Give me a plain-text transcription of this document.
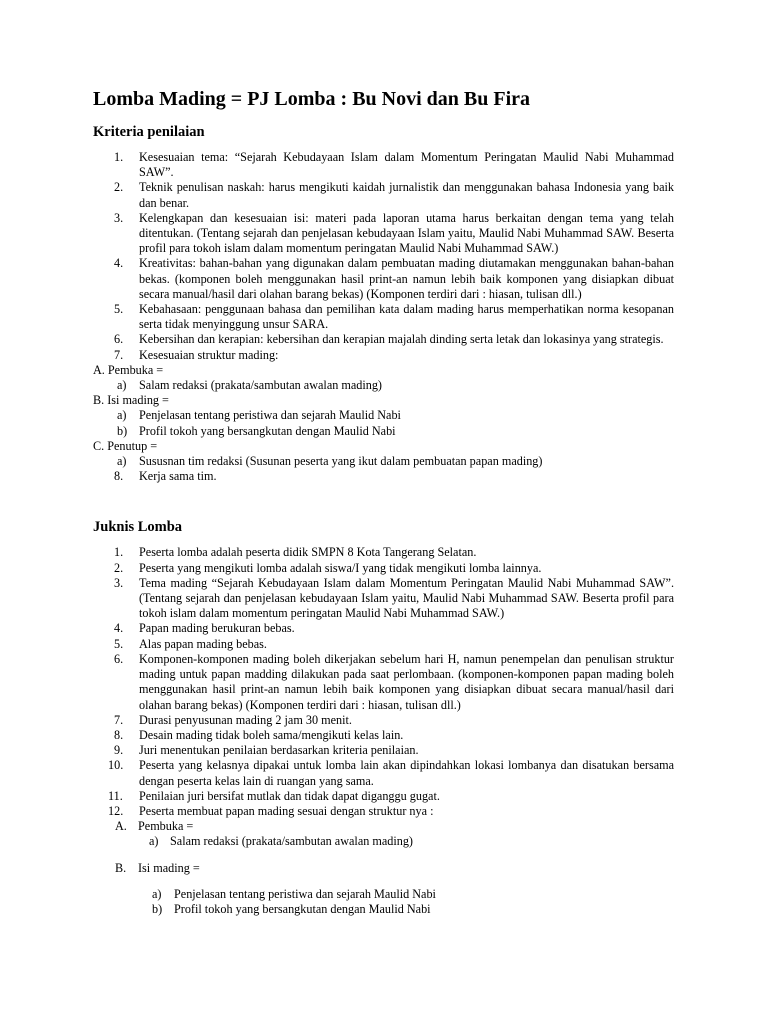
Lomba Mading = PJ Lomba : Bu Novi dan Bu Fira
Kriteria penilaian
1. Kesesuaian tema: “Sejarah Kebudayaan Islam dalam Momentum Peringatan Maulid Nabi Muhammad SAW”.
2. Teknik penulisan naskah: harus mengikuti kaidah jurnalistik dan menggunakan bahasa Indonesia yang baik dan benar.
3. Kelengkapan dan kesesuaian isi: materi pada laporan utama harus berkaitan dengan tema yang telah ditentukan. (Tentang sejarah dan penjelasan kebudayaan Islam yaitu, Maulid Nabi Muhammad SAW. Beserta profil para tokoh islam dalam momentum peringatan Maulid Nabi Muhammad SAW.)
4. Kreativitas: bahan-bahan yang digunakan dalam pembuatan mading diutamakan menggunakan bahan-bahan bekas. (komponen boleh menggunakan hasil print-an namun lebih baik komponen yang disiapkan dibuat secara manual/hasil dari olahan barang bekas) (Komponen terdiri dari : hiasan, tulisan dll.)
5. Kebahasaan: penggunaan bahasa dan pemilihan kata dalam mading harus memperhatikan norma kesopanan serta tidak menyinggung unsur SARA.
6. Kebersihan dan kerapian: kebersihan dan kerapian majalah dinding serta letak dan lokasinya yang strategis.
7. Kesesuaian struktur mading:
A. Pembuka =
a) Salam redaksi (prakata/sambutan awalan mading)
B. Isi mading =
a) Penjelasan tentang peristiwa dan sejarah Maulid Nabi
b) Profil tokoh yang bersangkutan dengan Maulid Nabi
C. Penutup =
a) Sususnan tim redaksi (Susunan peserta yang ikut dalam pembuatan papan mading)
8. Kerja sama tim.
Juknis Lomba
1. Peserta lomba adalah peserta didik SMPN 8 Kota Tangerang Selatan.
2. Peserta yang mengikuti lomba adalah siswa/I yang tidak mengikuti lomba lainnya.
3. Tema mading “Sejarah Kebudayaan Islam dalam Momentum Peringatan Maulid Nabi Muhammad SAW”. (Tentang sejarah dan penjelasan kebudayaan Islam yaitu, Maulid Nabi Muhammad SAW. Beserta profil para tokoh islam dalam momentum peringatan Maulid Nabi Muhammad SAW.)
4. Papan mading berukuran bebas.
5. Alas papan mading bebas.
6. Komponen-komponen mading boleh dikerjakan sebelum hari H, namun penempelan dan penulisan struktur mading untuk papan madding dilakukan pada saat perlombaan. (komponen-komponen papan mading boleh menggunakan hasil print-an namun lebih baik komponen yang disiapkan dibuat secara manual/hasil dari olahan barang bekas) (Komponen terdiri dari : hiasan, tulisan dll.)
7. Durasi penyusunan mading 2 jam 30 menit.
8. Desain mading tidak boleh sama/mengikuti kelas lain.
9. Juri menentukan penilaian berdasarkan kriteria penilaian.
10. Peserta yang kelasnya dipakai untuk lomba lain akan dipindahkan lokasi lombanya dan disatukan bersama dengan peserta kelas lain di ruangan yang sama.
11. Penilaian juri bersifat mutlak dan tidak dapat diganggu gugat.
12. Peserta membuat papan mading sesuai dengan struktur nya :
A. Pembuka =
a) Salam redaksi (prakata/sambutan awalan mading)
B. Isi mading =
a) Penjelasan tentang peristiwa dan sejarah Maulid Nabi
b) Profil tokoh yang bersangkutan dengan Maulid Nabi
